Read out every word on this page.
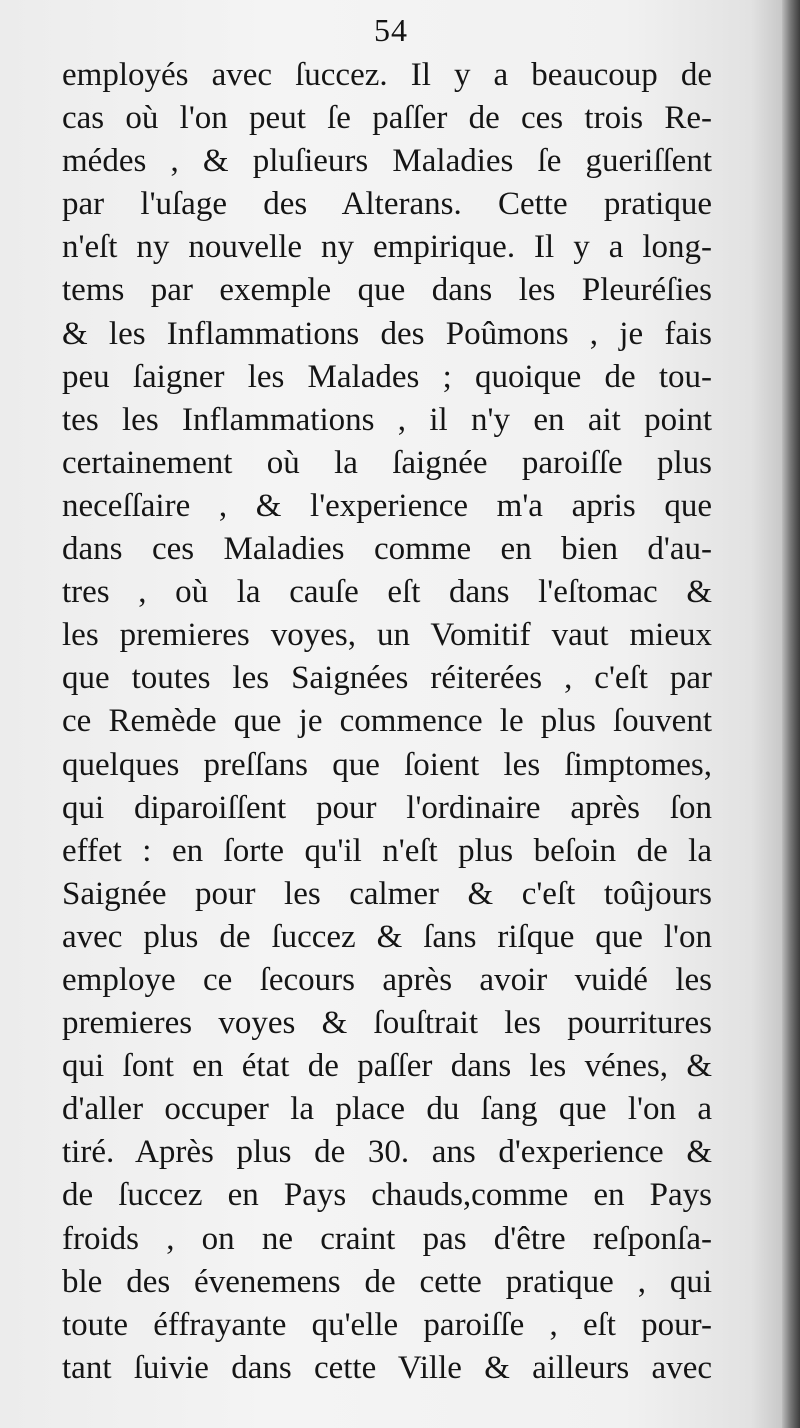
54
employés avec ſuccez. Il y a beaucoup de
cas où l'on peut ſe paſſer de ces trois Re-
médes , & pluſieurs Maladies ſe gueriſſent
par l'uſage des Alterans. Cette pratique
n'eſt ny nouvelle ny empirique. Il y a long-
tems par exemple que dans les Pleuréſies
& les Inflammations des Poûmons , je fais
peu ſaigner les Malades ; quoique de tou-
tes les Inflammations , il n'y en ait point
certainement où la ſaignée paroiſſe plus
neceſſaire , & l'experience m'a apris que
dans ces Maladies comme en bien d'au-
tres , où la cauſe eſt dans l'eſtomac &
les premieres voyes, un Vomitif vaut mieux
que toutes les Saignées réiterées , c'eſt par
ce Remède que je commence le plus ſouvent
quelques preſſans que ſoient les ſimptomes,
qui diparoiſſent pour l'ordinaire après ſon
effet : en ſorte qu'il n'eſt plus beſoin de la
Saignée pour les calmer & c'eſt toûjours
avec plus de ſuccez & ſans riſque que l'on
employe ce ſecours après avoir vuidé les
premieres voyes & ſouſtrait les pourritures
qui ſont en état de paſſer dans les vénes, &
d'aller occuper la place du ſang que l'on a
tiré. Après plus de 30. ans d'experience &
de ſuccez en Pays chauds,comme en Pays
froids , on ne craint pas d'être reſponſa-
ble des évenemens de cette pratique , qui
toute éffrayante qu'elle paroiſſe , eſt pour-
tant ſuivie dans cette Ville & ailleurs avec
